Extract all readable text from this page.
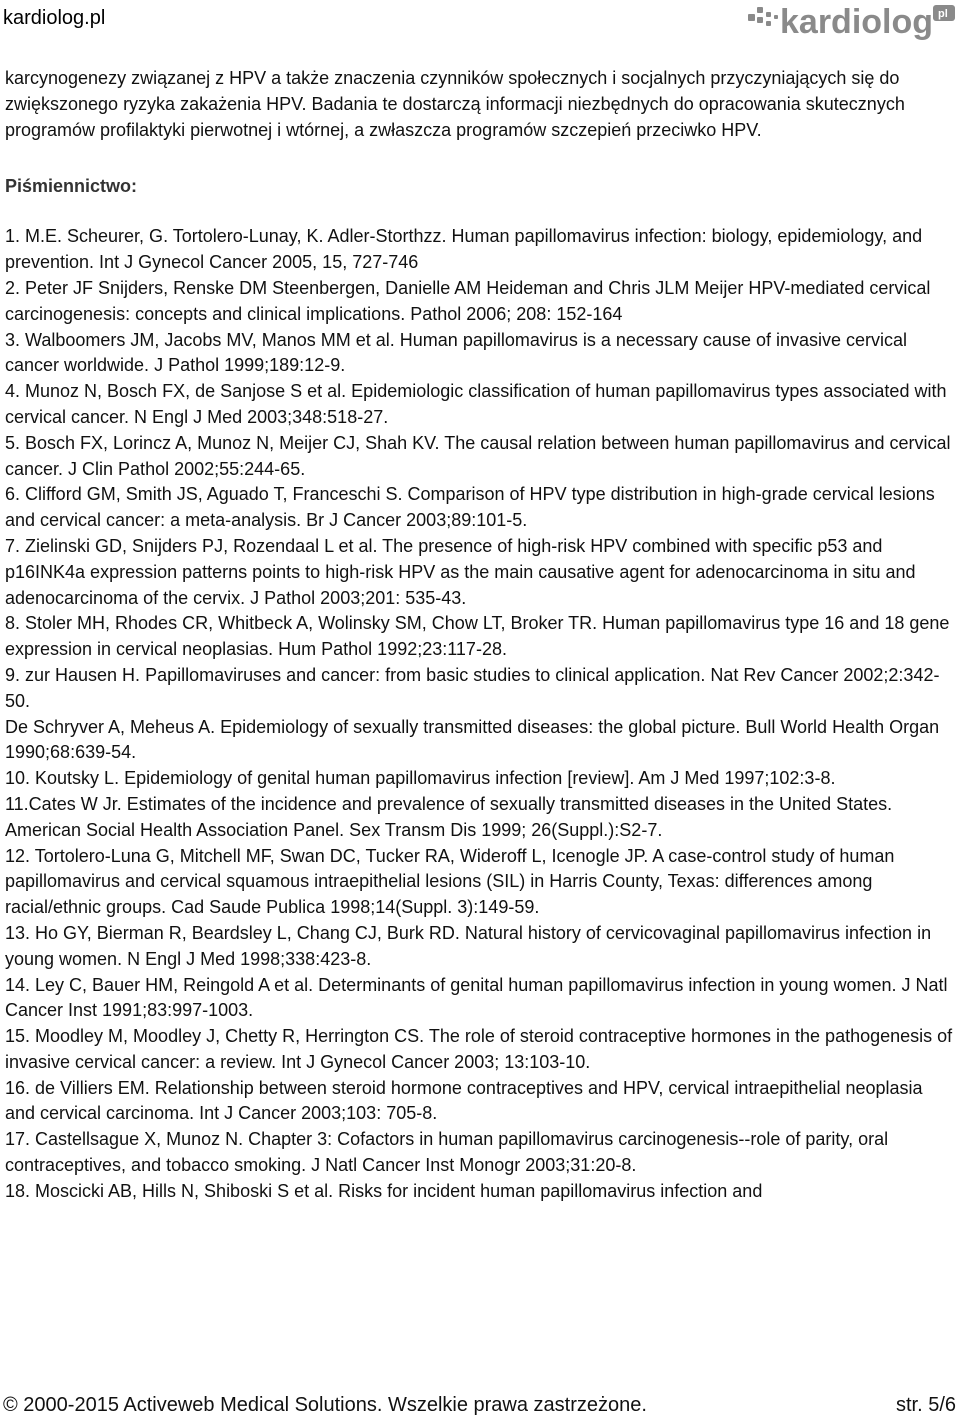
kardiolog.pl	kardiolog pl

karcynogenezy związanej z HPV a także znaczenia czynników społecznych i socjalnych przyczyniających się do zwiększonego ryzyka zakażenia HPV. Badania te dostarczą informacji niezbędnych do opracowania skutecznych programów profilaktyki pierwotnej i wtórnej, a zwłaszcza programów szczepień przeciwko HPV.

Piśmiennictwo:

1. M.E. Scheurer, G. Tortolero-Lunay, K. Adler-Storthzz. Human papillomavirus infection: biology, epidemiology, and prevention. Int J Gynecol Cancer 2005, 15, 727-746

2. Peter JF Snijders, Renske DM Steenbergen, Danielle AM Heideman and Chris JLM Meijer HPV-mediated cervical carcinogenesis: concepts and clinical implications. Pathol 2006; 208: 152-164

3. Walboomers JM, Jacobs MV, Manos MM et al. Human papillomavirus is a necessary cause of invasive cervical cancer worldwide. J Pathol 1999;189:12-9.

4. Munoz N, Bosch FX, de Sanjose S et al. Epidemiologic classification of human papillomavirus types associated with cervical cancer. N Engl J Med 2003;348:518-27.

5. Bosch FX, Lorincz A, Munoz N, Meijer CJ, Shah KV. The causal relation between human papillomavirus and cervical cancer. J Clin Pathol 2002;55:244-65.

6. Clifford GM, Smith JS, Aguado T, Franceschi S. Comparison of HPV type distribution in high-grade cervical lesions and cervical cancer: a meta-analysis. Br J Cancer 2003;89:101-5.

7. Zielinski GD, Snijders PJ, Rozendaal L et al. The presence of high-risk HPV combined with specific p53 and p16INK4a expression patterns points to high-risk HPV as the main causative agent for adenocarcinoma in situ and adenocarcinoma of the cervix. J Pathol 2003;201: 535-43.

8. Stoler MH, Rhodes CR, Whitbeck A, Wolinsky SM, Chow LT, Broker TR. Human papillomavirus type 16 and 18 gene expression in cervical neoplasias. Hum Pathol 1992;23:117-28.

9. zur Hausen H. Papillomaviruses and cancer: from basic studies to clinical application. Nat Rev Cancer 2002;2:342-50.

De Schryver A, Meheus A. Epidemiology of sexually transmitted diseases: the global picture. Bull World Health Organ 1990;68:639-54.

10. Koutsky L. Epidemiology of genital human papillomavirus infection [review]. Am J Med 1997;102:3-8.

11.Cates W Jr. Estimates of the incidence and prevalence of sexually transmitted diseases in the United States. American Social Health Association Panel. Sex Transm Dis 1999; 26(Suppl.):S2-7.

12. Tortolero-Luna G, Mitchell MF, Swan DC, Tucker RA, Wideroff L, Icenogle JP. A case-control study of human papillomavirus and cervical squamous intraepithelial lesions (SIL) in Harris County, Texas: differences among racial/ethnic groups. Cad Saude Publica 1998;14(Suppl. 3):149-59.

13. Ho GY, Bierman R, Beardsley L, Chang CJ, Burk RD. Natural history of cervicovaginal papillomavirus infection in young women. N Engl J Med 1998;338:423-8.

14. Ley C, Bauer HM, Reingold A et al. Determinants of genital human papillomavirus infection in young women. J Natl Cancer Inst 1991;83:997-1003.

15. Moodley M, Moodley J, Chetty R, Herrington CS. The role of steroid contraceptive hormones in the pathogenesis of invasive cervical cancer: a review. Int J Gynecol Cancer 2003; 13:103-10.

16. de Villiers EM. Relationship between steroid hormone contraceptives and HPV, cervical intraepithelial neoplasia and cervical carcinoma. Int J Cancer 2003;103: 705-8.

17. Castellsague X, Munoz N. Chapter 3: Cofactors in human papillomavirus carcinogenesis--role of parity, oral contraceptives, and tobacco smoking. J Natl Cancer Inst Monogr 2003;31:20-8.

18. Moscicki AB, Hills N, Shiboski S et al. Risks for incident human papillomavirus infection and

© 2000-2015 Activeweb Medical Solutions. Wszelkie prawa zastrzeżone.	str. 5/6
